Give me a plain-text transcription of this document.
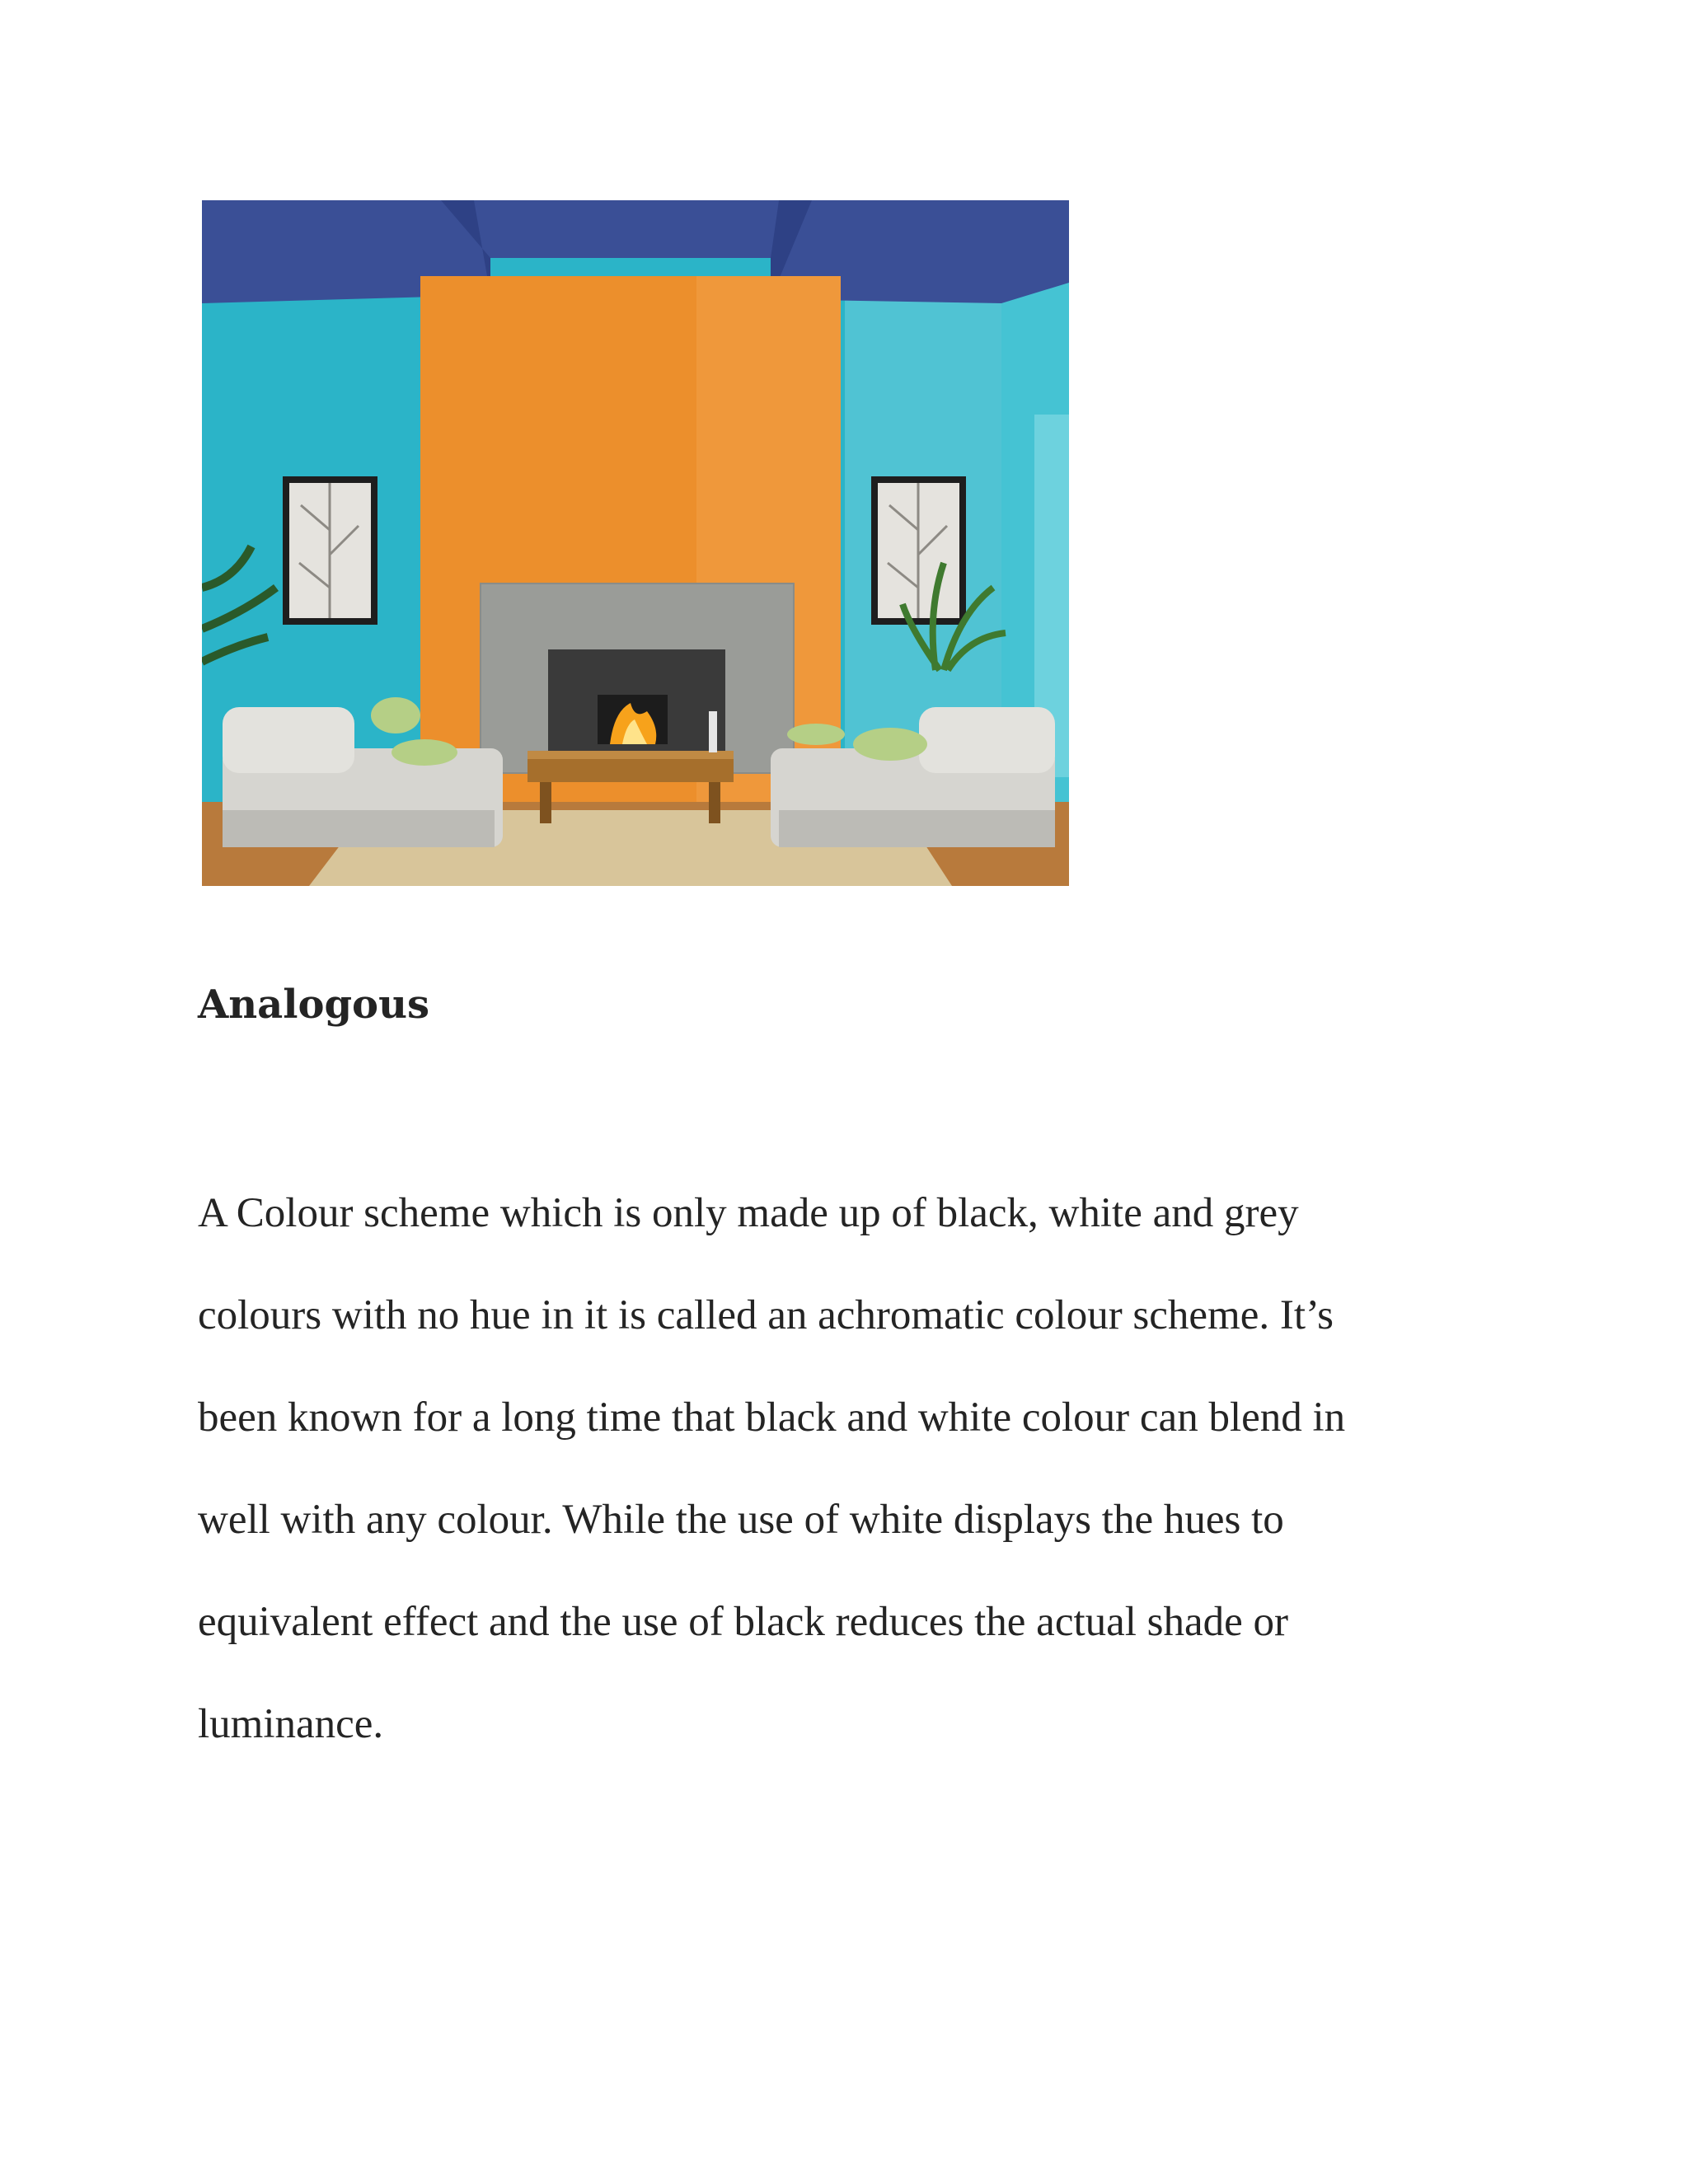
Analogous

A Colour scheme which is only made up of black, white and grey
colours with no hue in it is called an achromatic colour scheme. It’s
been known for a long time that black and white colour can blend in
well with any colour. While the use of white displays the hues to
equivalent effect and the use of black reduces the actual shade or
luminance.
